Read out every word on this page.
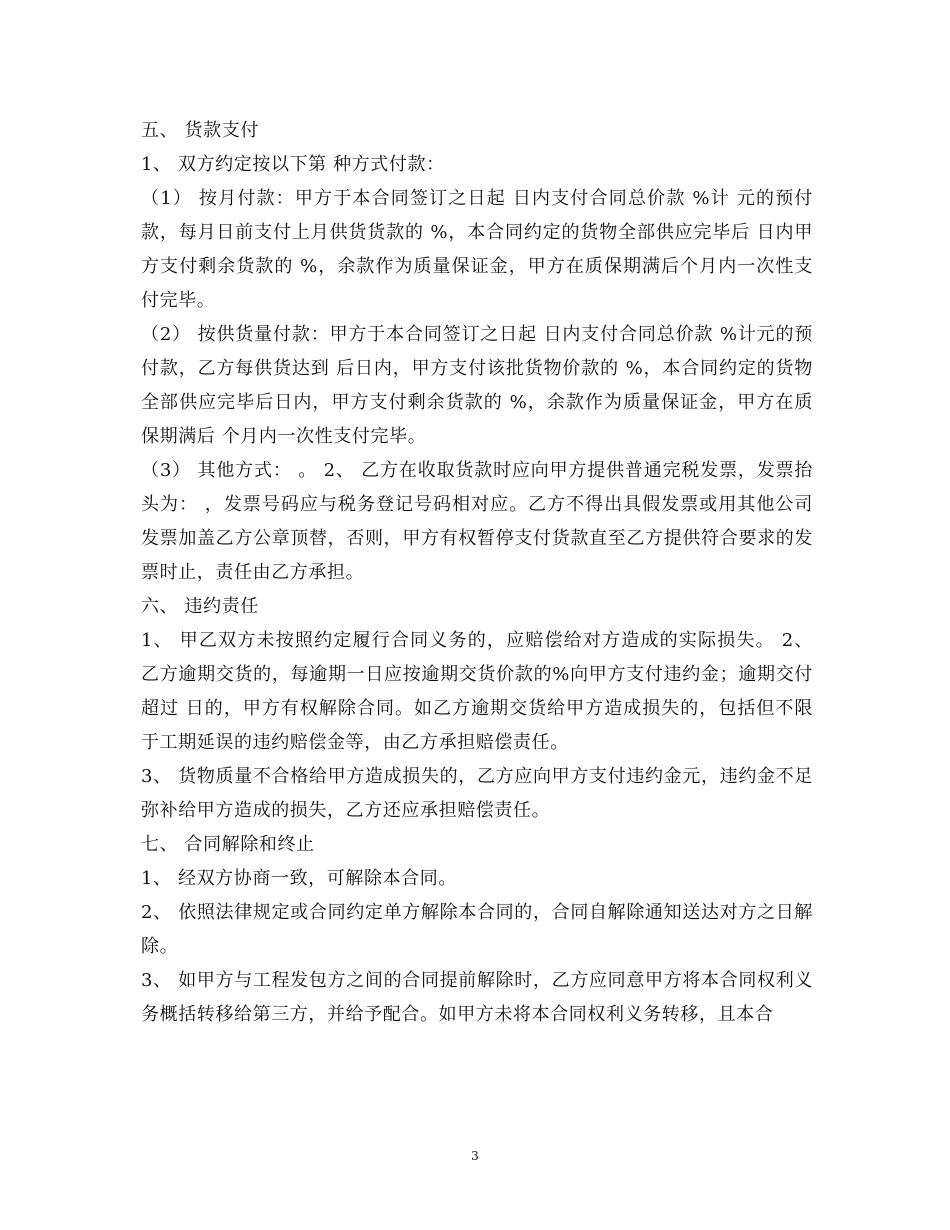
五、 货款支付

1、 双方约定按以下第 种方式付款：

（1） 按月付款：甲方于本合同签订之日起 日内支付合同总价款 %计 元的预付款，每月日前支付上月供货货款的 %，本合同约定的货物全部供应完毕后 日内甲方支付剩余货款的 %，余款作为质量保证金，甲方在质保期满后个月内一次性支付完毕。

（2） 按供货量付款：甲方于本合同签订之日起 日内支付合同总价款 %计元的预付款，乙方每供货达到 后日内，甲方支付该批货物价款的 %，本合同约定的货物全部供应完毕后日内，甲方支付剩余货款的 %，余款作为质量保证金，甲方在质保期满后 个月内一次性支付完毕。

（3） 其他方式： 。 2、 乙方在收取货款时应向甲方提供普通完税发票，发票抬头为： ，发票号码应与税务登记号码相对应。乙方不得出具假发票或用其他公司发票加盖乙方公章顶替，否则，甲方有权暂停支付货款直至乙方提供符合要求的发票时止，责任由乙方承担。

六、 违约责任

1、 甲乙双方未按照约定履行合同义务的，应赔偿给对方造成的实际损失。 2、 乙方逾期交货的，每逾期一日应按逾期交货价款的%向甲方支付违约金；逾期交付超过 日的，甲方有权解除合同。如乙方逾期交货给甲方造成损失的，包括但不限于工期延误的违约赔偿金等，由乙方承担赔偿责任。

3、 货物质量不合格给甲方造成损失的，乙方应向甲方支付违约金元，违约金不足弥补给甲方造成的损失，乙方还应承担赔偿责任。

七、 合同解除和终止

1、 经双方协商一致，可解除本合同。

2、 依照法律规定或合同约定单方解除本合同的，合同自解除通知送达对方之日解除。

3、 如甲方与工程发包方之间的合同提前解除时，乙方应同意甲方将本合同权利义务概括转移给第三方，并给予配合。如甲方未将本合同权利义务转移，且本合

3
